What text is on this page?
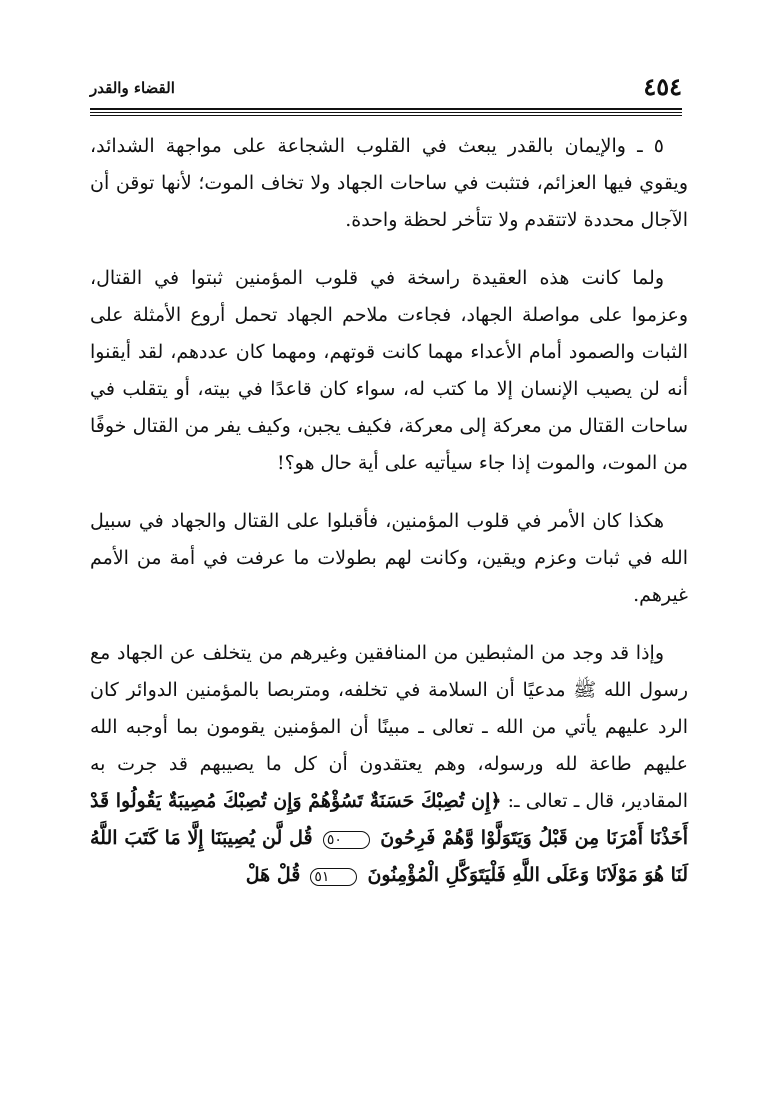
٤٥٤
القضاء والقدر

٥ ـ والإيمان بالقدر يبعث في القلوب الشجاعة على مواجهة الشدائد، ويقوي فيها العزائم، فتثبت في ساحات الجهاد ولا تخاف الموت؛ لأنها توقن أن الآجال محددة لاتتقدم ولا تتأخر لحظة واحدة.

ولما كانت هذه العقيدة راسخة في قلوب المؤمنين ثبتوا في القتال، وعزموا على مواصلة الجهاد، فجاءت ملاحم الجهاد تحمل أروع الأمثلة على الثبات والصمود أمام الأعداء مهما كانت قوتهم، ومهما كان عددهم، لقد أيقنوا أنه لن يصيب الإنسان إلا ما كتب له، سواء كان قاعدًا في بيته، أو يتقلب في ساحات القتال من معركة إلى معركة، فكيف يجبن، وكيف يفر من القتال خوفًا من الموت، والموت إذا جاء سيأتيه على أية حال هو؟!

هكذا كان الأمر في قلوب المؤمنين، فأقبلوا على القتال والجهاد في سبيل الله في ثبات وعزم ويقين، وكانت لهم بطولات ما عرفت في أمة من الأمم غيرهم.

وإذا قد وجد من المثبطين من المنافقين وغيرهم من يتخلف عن الجهاد مع رسول الله ﷺ مدعيًا أن السلامة في تخلفه، ومتربصا بالمؤمنين الدوائر كان الرد عليهم يأتي من الله ـ تعالى ـ مبينًا أن المؤمنين يقومون بما أوجبه الله عليهم طاعة لله ورسوله، وهم يعتقدون أن كل ما يصيبهم قد جرت به المقادير، قال ـ تعالى ـ: ﴿إِن تُصِبْكَ حَسَنَةٌ تَسُؤْهُمْ وَإِن تُصِبْكَ مُصِيبَةٌ يَقُولُوا قَدْ أَخَذْنَا أَمْرَنَا مِن قَبْلُ وَيَتَوَلَّوْا وَّهُمْ فَرِحُونَ ٥٠ قُل لَّن يُصِيبَنَا إِلَّا مَا كَتَبَ اللَّهُ لَنَا هُوَ مَوْلَانَا وَعَلَى اللَّهِ فَلْيَتَوَكَّلِ الْمُؤْمِنُونَ ٥١ قُلْ هَلْ
